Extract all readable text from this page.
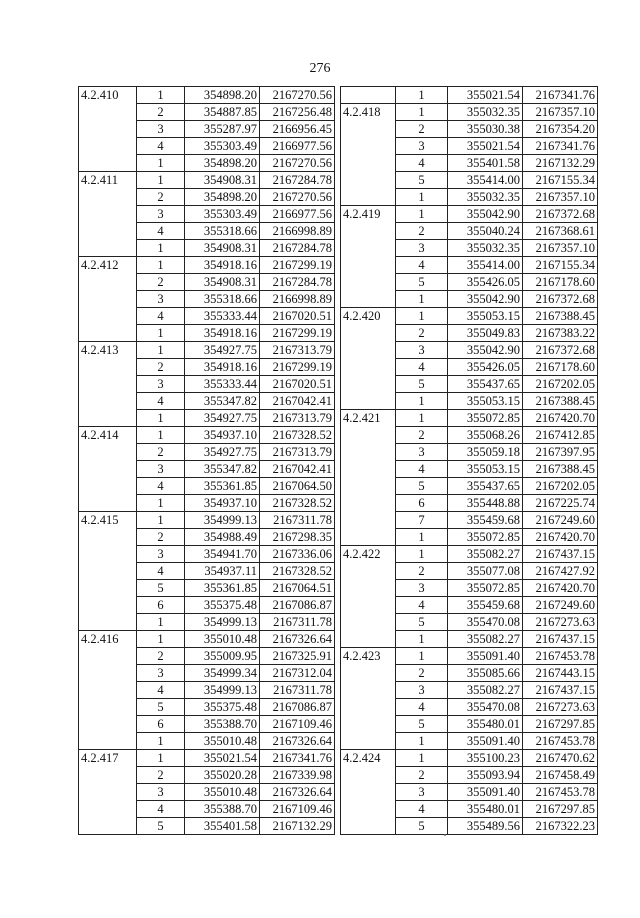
276
4.2.410	1	354898.20	2167270.56
	2	354887.85	2167256.48
	3	355287.97	2166956.45
	4	355303.49	2166977.56
	1	354898.20	2167270.56
4.2.411	1	354908.31	2167284.78
	2	354898.20	2167270.56
	3	355303.49	2166977.56
	4	355318.66	2166998.89
	1	354908.31	2167284.78
4.2.412	1	354918.16	2167299.19
	2	354908.31	2167284.78
	3	355318.66	2166998.89
	4	355333.44	2167020.51
	1	354918.16	2167299.19
4.2.413	1	354927.75	2167313.79
	2	354918.16	2167299.19
	3	355333.44	2167020.51
	4	355347.82	2167042.41
	1	354927.75	2167313.79
4.2.414	1	354937.10	2167328.52
	2	354927.75	2167313.79
	3	355347.82	2167042.41
	4	355361.85	2167064.50
	1	354937.10	2167328.52
4.2.415	1	354999.13	2167311.78
	2	354988.49	2167298.35
	3	354941.70	2167336.06
	4	354937.11	2167328.52
	5	355361.85	2167064.51
	6	355375.48	2167086.87
	1	354999.13	2167311.78
4.2.416	1	355010.48	2167326.64
	2	355009.95	2167325.91
	3	354999.34	2167312.04
	4	354999.13	2167311.78
	5	355375.48	2167086.87
	6	355388.70	2167109.46
	1	355010.48	2167326.64
4.2.417	1	355021.54	2167341.76
	2	355020.28	2167339.98
	3	355010.48	2167326.64
	4	355388.70	2167109.46
	5	355401.58	2167132.29
	1	355021.54	2167341.76
4.2.418	1	355032.35	2167357.10
	2	355030.38	2167354.20
	3	355021.54	2167341.76
	4	355401.58	2167132.29
	5	355414.00	2167155.34
	1	355032.35	2167357.10
4.2.419	1	355042.90	2167372.68
	2	355040.24	2167368.61
	3	355032.35	2167357.10
	4	355414.00	2167155.34
	5	355426.05	2167178.60
	1	355042.90	2167372.68
4.2.420	1	355053.15	2167388.45
	2	355049.83	2167383.22
	3	355042.90	2167372.68
	4	355426.05	2167178.60
	5	355437.65	2167202.05
	1	355053.15	2167388.45
4.2.421	1	355072.85	2167420.70
	2	355068.26	2167412.85
	3	355059.18	2167397.95
	4	355053.15	2167388.45
	5	355437.65	2167202.05
	6	355448.88	2167225.74
	7	355459.68	2167249.60
	1	355072.85	2167420.70
4.2.422	1	355082.27	2167437.15
	2	355077.08	2167427.92
	3	355072.85	2167420.70
	4	355459.68	2167249.60
	5	355470.08	2167273.63
	1	355082.27	2167437.15
4.2.423	1	355091.40	2167453.78
	2	355085.66	2167443.15
	3	355082.27	2167437.15
	4	355470.08	2167273.63
	5	355480.01	2167297.85
	1	355091.40	2167453.78
4.2.424	1	355100.23	2167470.62
	2	355093.94	2167458.49
	3	355091.40	2167453.78
	4	355480.01	2167297.85
	5	355489.56	2167322.23
